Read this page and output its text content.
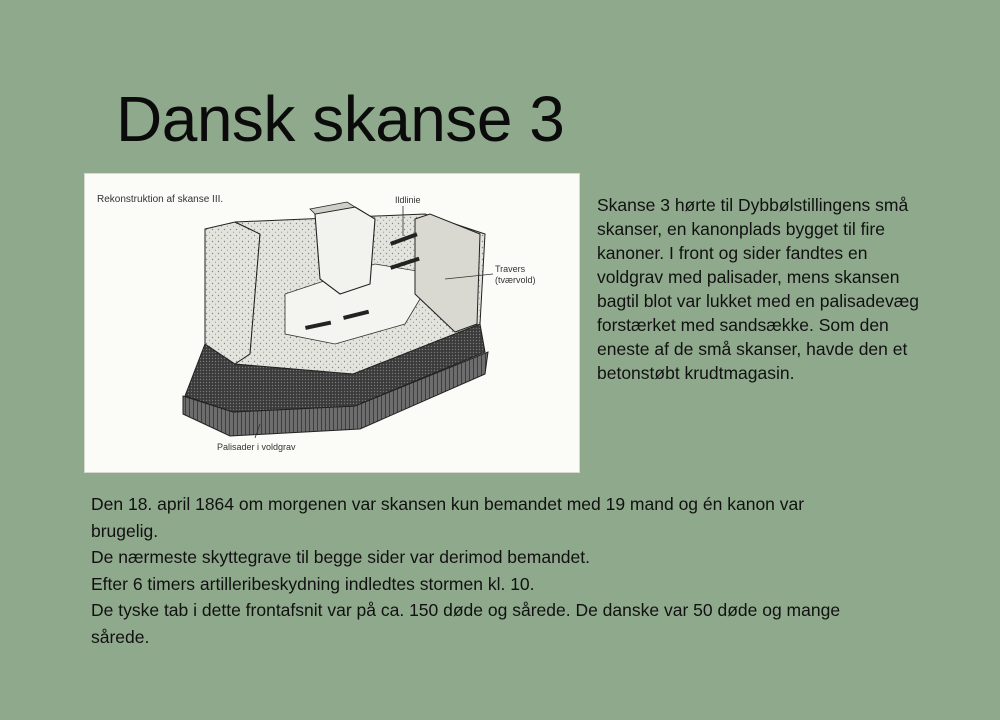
Dansk skanse 3
Rekonstruktion af skanse III.	Ildlinie
Travers
(tværvold)
Palisader i voldgrav

Skanse 3 hørte til Dybbølstillingens små skanser, en kanonplads bygget til fire kanoner. I front og sider fandtes en voldgrav med palisader, mens skansen bagtil blot var lukket med en palisadevæg forstærket med sandsække. Som den eneste af de små skanser, havde den et betonstøbt krudtmagasin.

Den 18. april 1864 om morgenen var skansen kun bemandet med 19 mand og én kanon var brugelig.

De nærmeste skyttegrave til begge sider var derimod bemandet.

Efter 6 timers artilleribeskydning indledtes stormen kl. 10.

De tyske tab i dette frontafsnit var på ca. 150 døde og sårede. De danske var 50 døde og mange sårede.
